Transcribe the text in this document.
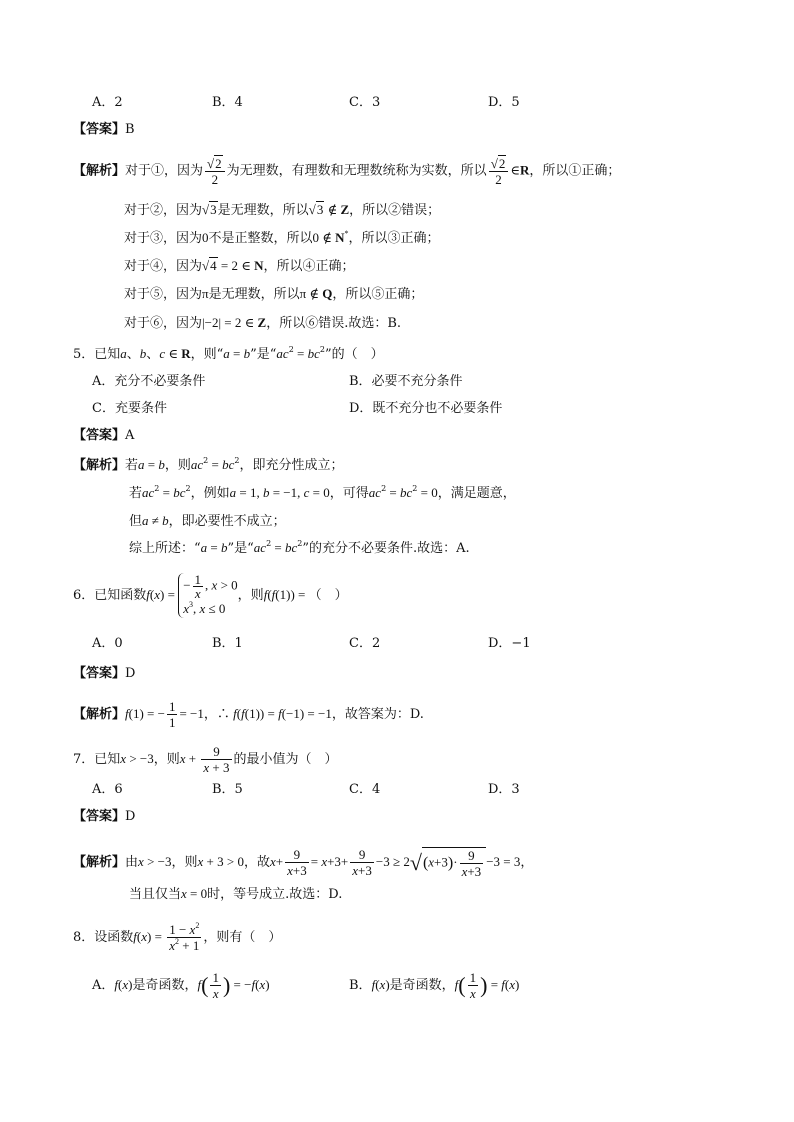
A．2	B．4	C．3	D．5
【答案】B
【解析】对于①，因为 $\frac{√2}{2}$ 为无理数，有理数和无理数统称为实数，所以 $\frac{√2}{2}$ ∈R，所以①正确；
对于②，因为√3是无理数，所以√3 ∉ Z，所以②错误；
对于③，因为0不是正整数，所以0 ∉ N*，所以③正确；
对于④，因为√4 = 2 ∈ N，所以④正确；
对于⑤，因为π是无理数，所以π ∉ Q，所以⑤正确；
对于⑥，因为|−2| = 2 ∈ Z，所以⑥错误.故选：B.
5．已知a、b、c ∈ R，则“a = b”是“$ac^2 = bc^2$”的（　）
A．充分不必要条件	B．必要不充分条件
C．充要条件	D．既不充分也不必要条件
【答案】A
【解析】若a = b，则$ac^2 = bc^2$，即充分性成立；
若$ac^2 = bc^2$，例如a = 1, b = −1, c = 0，可得$ac^2 = bc^2 = 0$，满足题意，
但a ≠ b，即必要性不成立；
综上所述：“a = b”是“$ac^2 = bc^2$”的充分不必要条件.故选：A.
6．已知函数f(x) =
− $\frac{1}{x}$ , x > 0
$x^3$, x ≤ 0
，则f(f(1)) = （　）
A．0	B．1	C．2	D．−1
【答案】D
【解析】f(1) = − $\frac{1}{1} = -1$，∴ f(f(1)) = f(−1) = −1，故答案为：D.
7．已知x > −3，则$x + \frac{9}{x + 3}$ 的最小值为（　）
A．6	B．5	C．4	D．3
【答案】D
【解析】由x > −3，则x + 3 > 0，故$x+ \frac{9}{x+3} = x+3+ \frac{9}{x+3} -3 \ge 2√(x+3)\cdot \frac{9}{x+3} -3 = 3$，
当且仅当x = 0时，等号成立.故选：D.
8．设函数$f(x) = \frac{1 - x^2}{x^2 + 1}$ ，则有（　）
A．f(x)是奇函数，$f( \frac{1}{x}$ ) = −f(x)	B．f(x)是奇函数，$f( \frac{1}{x}$ ) = f(x)
